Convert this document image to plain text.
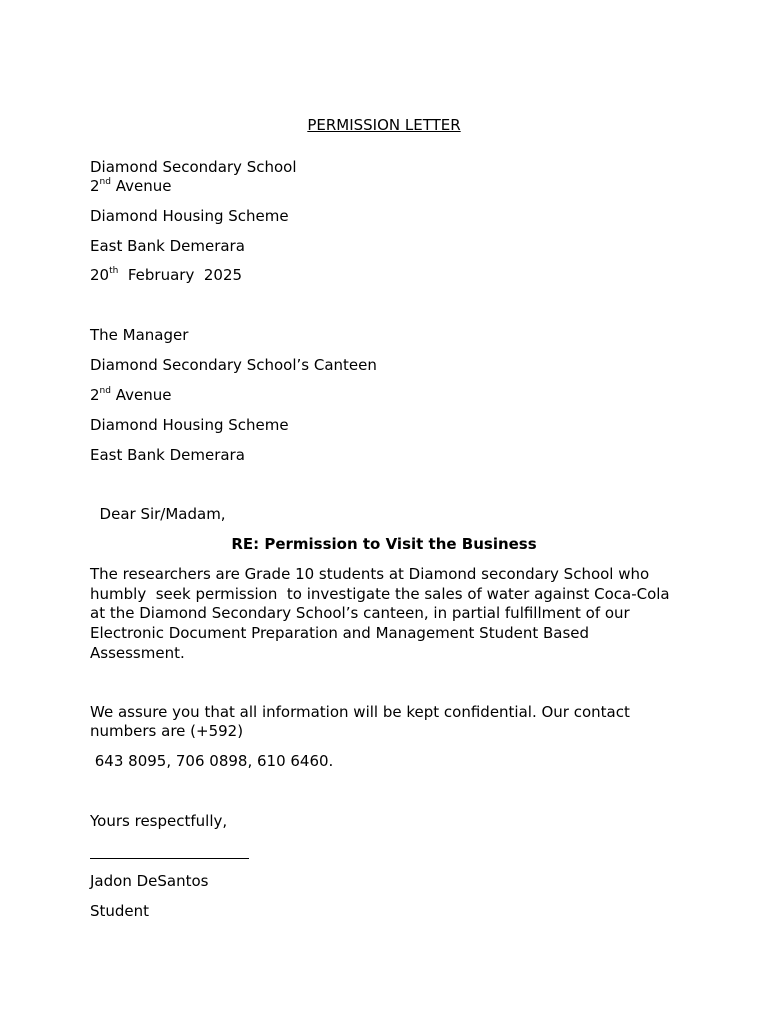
PERMISSION LETTER
Diamond Secondary School
2nd Avenue
Diamond Housing Scheme
East Bank Demerara
20th  February  2025
The Manager
Diamond Secondary School’s Canteen
2nd Avenue
Diamond Housing Scheme
East Bank Demerara
Dear Sir/Madam,
RE: Permission to Visit the Business
The researchers are Grade 10 students at Diamond secondary School who
humbly  seek permission  to investigate the sales of water against Coca-Cola
at the Diamond Secondary School’s canteen, in partial fulfillment of our
Electronic Document Preparation and Management Student Based
Assessment.
We assure you that all information will be kept confidential. Our contact
numbers are (+592)
643 8095, 706 0898, 610 6460.
Yours respectfully,
Jadon DeSantos
Student
